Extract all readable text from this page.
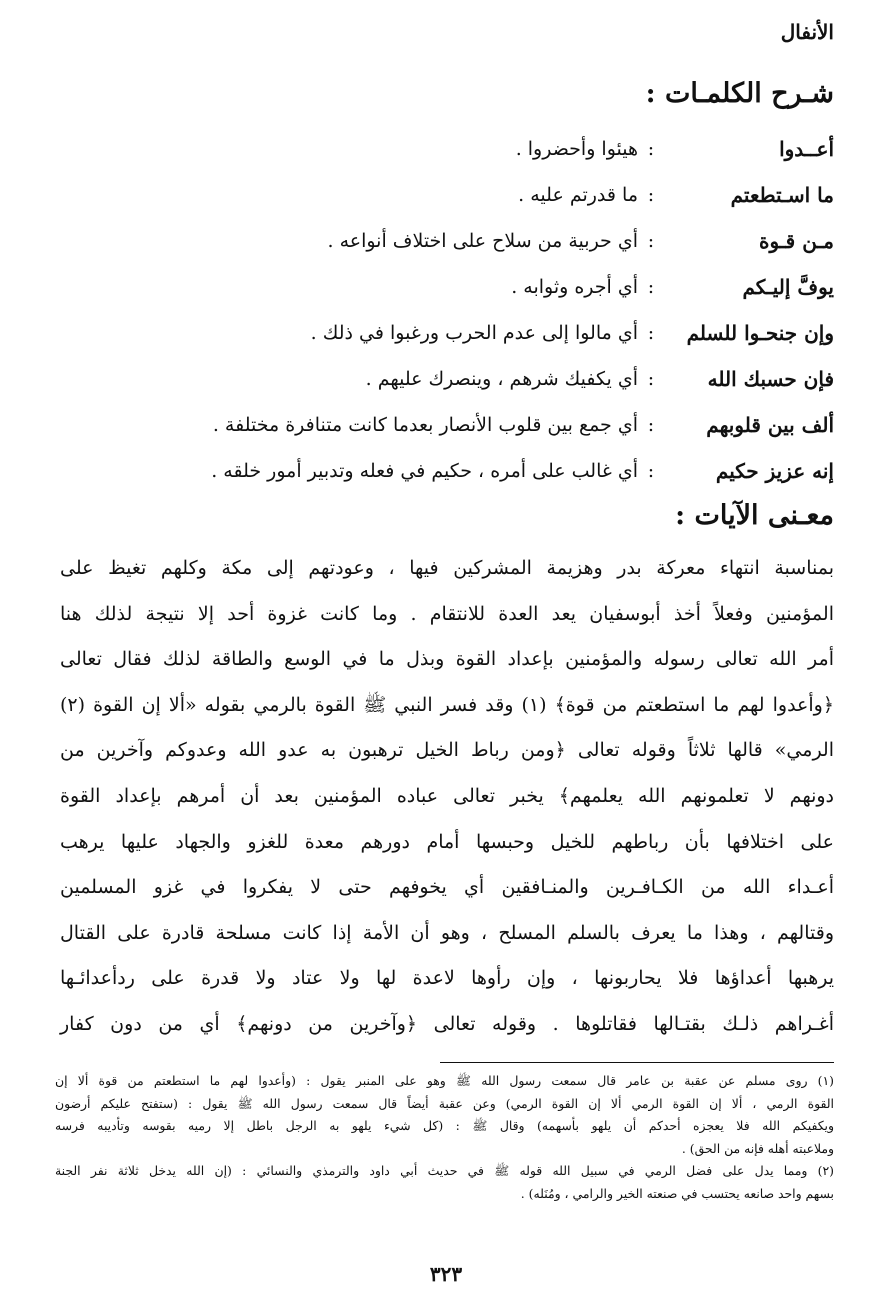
الأنفال
شـرح الكلمـات :
أعــدوا
:
هيئوا وأحضروا .
ما اسـتطعتم
:
ما قدرتم عليه .
مـن قـوة
:
أي حربية من سلاح على اختلاف أنواعه .
يوفَّ إليـكم
:
أي أجره وثوابه .
وإن جنحـوا للسلم
:
أي مالوا إلى عدم الحرب ورغبوا في ذلك .
فإن حسبك الله
:
أي يكفيك شرهم ، وينصرك عليهم .
ألف بين قلوبهم
:
أي جمع بين قلوب الأنصار بعدما كانت متنافرة مختلفة .
إنه عزيز حكيم
:
أي غالب على أمره ، حكيم في فعله وتدبير أمور خلقه .
معـنى الآيات :
بمناسبة انتهاء معركة بدر وهزيمة المشركين فيها ، وعودتهم إلى مكة وكلهم تغيظ على
المؤمنين وفعلاً أخذ أبوسفيان يعد العدة للانتقام . وما كانت غزوة أحد إلا نتيجة لذلك هنا
أمر الله تعالى رسوله والمؤمنين بإعداد القوة وبذل ما في الوسع والطاقة لذلك فقال تعالى
﴿وأعدوا لهم ما استطعتم من قوة﴾ (١) وقد فسر النبي ﷺ القوة بالرمي بقوله «ألا إن القوة (٢)
الرمي» قالها ثلاثاً وقوله تعالى ﴿ومن رباط الخيل ترهبون به عدو الله وعدوكم وآخرين من
دونهم لا تعلمونهم الله يعلمهم﴾ يخبر تعالى عباده المؤمنين بعد أن أمرهم بإعداد القوة
على اختلافها بأن رباطهم للخيل وحبسها أمام دورهم معدة للغزو والجهاد عليها يرهب
أعـداء الله من الكـافـرين والمنـافقين أي يخوفهم حتى لا يفكروا في غزو المسلمين
وقتالهم ، وهذا ما يعرف بالسلم المسلح ، وهو أن الأمة إذا كانت مسلحة قادرة على القتال
يرهبها أعداؤها فلا يحاربونها ، وإن رأوها لاعدة لها ولا عتاد ولا قدرة على ردأعدائـها
أغـراهم ذلـك بقتـالها فقاتلوها . وقوله تعالى ﴿وآخرين من دونهم﴾ أي من دون كفار
(١) روى مسلم عن عقبة بن عامر قال سمعت رسول الله ﷺ وهو على المنبر يقول : (وأعدوا لهم ما استطعتم من قوة ألا إن
القوة الرمي ، ألا إن القوة الرمي ألا إن القوة الرمي) وعن عقبة أيضاً قال سمعت رسول الله ﷺ يقول : (ستفتح عليكم أرضون
ويكفيكم الله فلا يعجزه أحدكم أن يلهو بأسهمه) وقال ﷺ : (كل شيء يلهو به الرجل باطل إلا رميه بقوسه وتأديبه فرسه
وملاعبته أهله فإنه من الحق) .
(٢) ومما يدل على فضل الرمي في سبيل الله قوله ﷺ في حديث أبي داود والترمذي والنسائي : (إن الله يدخل ثلاثة نفر الجنة
بسهم واحد صانعه يحتسب في صنعته الخير والرامي ، ومُنَله) .
٣٢٣
